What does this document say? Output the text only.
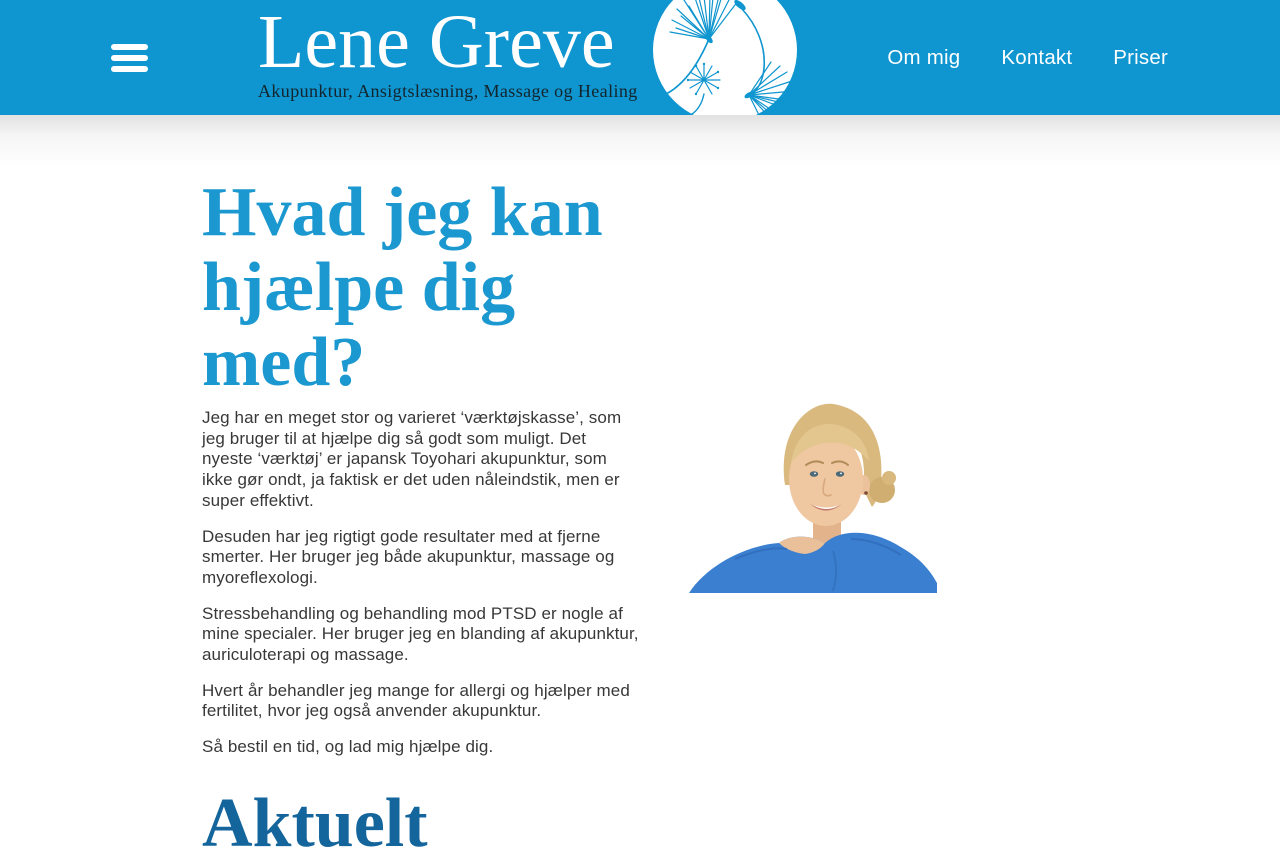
Lene Greve
Akupunktur, Ansigtslæsning, Massage og Healing
Om mig Kontakt Priser
Hvad jeg kan
hjælpe dig
med?

Jeg har en meget stor og varieret ‘værktøjskasse’, som jeg bruger til at hjælpe dig så godt som muligt. Det nyeste ‘værktøj’ er japansk Toyohari akupunktur, som ikke gør ondt, ja faktisk er det uden nåleindstik, men er super effektivt.

Desuden har jeg rigtigt gode resultater med at fjerne smerter. Her bruger jeg både akupunktur, massage og myoreflexologi.

Stressbehandling og behandling mod PTSD er nogle af mine specialer. Her bruger jeg en blanding af akupunktur, auriculoterapi og massage.

Hvert år behandler jeg mange for allergi og hjælper med fertilitet, hvor jeg også anvender akupunktur.

Så bestil en tid, og lad mig hjælpe dig.

Aktuelt
